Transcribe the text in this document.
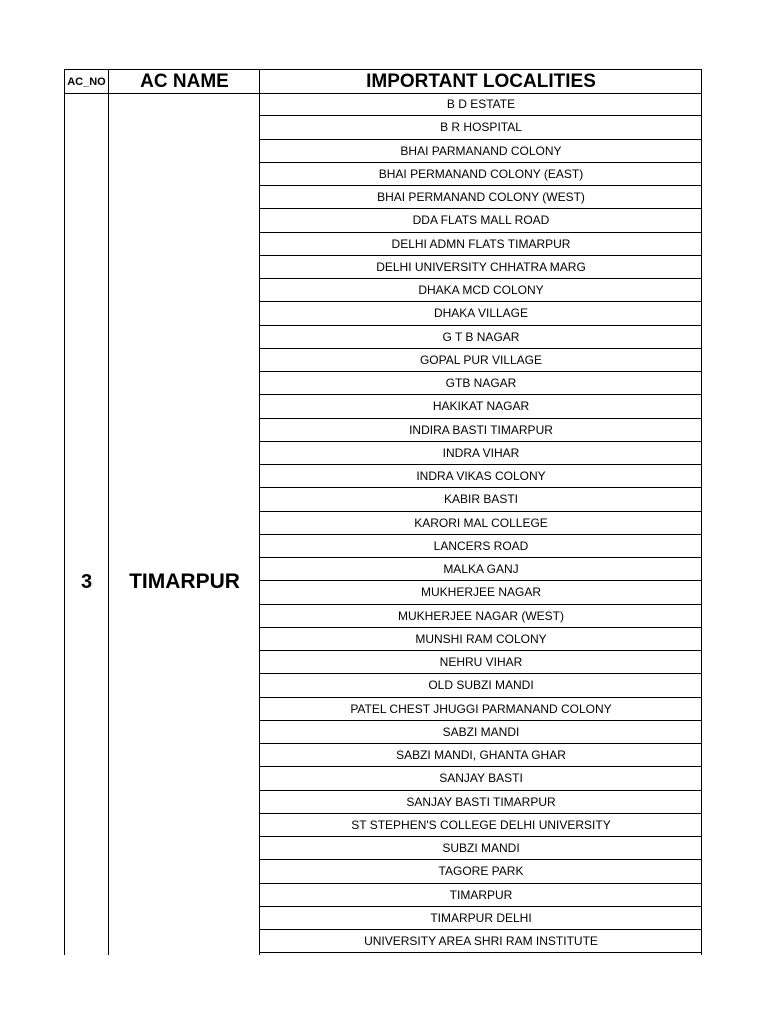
AC_NO	AC NAME	IMPORTANT LOCALITIES
3	TIMARPUR
B D ESTATE
B R HOSPITAL
BHAI PARMANAND COLONY
BHAI PERMANAND COLONY (EAST)
BHAI PERMANAND COLONY (WEST)
DDA FLATS MALL ROAD
DELHI ADMN FLATS TIMARPUR
DELHI UNIVERSITY CHHATRA MARG
DHAKA MCD COLONY
DHAKA VILLAGE
G T B NAGAR
GOPAL PUR VILLAGE
GTB NAGAR
HAKIKAT NAGAR
INDIRA BASTI TIMARPUR
INDRA VIHAR
INDRA VIKAS COLONY
KABIR BASTI
KARORI MAL COLLEGE
LANCERS ROAD
MALKA GANJ
MUKHERJEE NAGAR
MUKHERJEE NAGAR (WEST)
MUNSHI RAM COLONY
NEHRU VIHAR
OLD SUBZI MANDI
PATEL CHEST JHUGGI PARMANAND COLONY
SABZI MANDI
SABZI MANDI, GHANTA GHAR
SANJAY BASTI
SANJAY BASTI TIMARPUR
ST STEPHEN'S COLLEGE DELHI UNIVERSITY
SUBZI MANDI
TAGORE PARK
TIMARPUR
TIMARPUR DELHI
UNIVERSITY AREA SHRI RAM INSTITUTE
